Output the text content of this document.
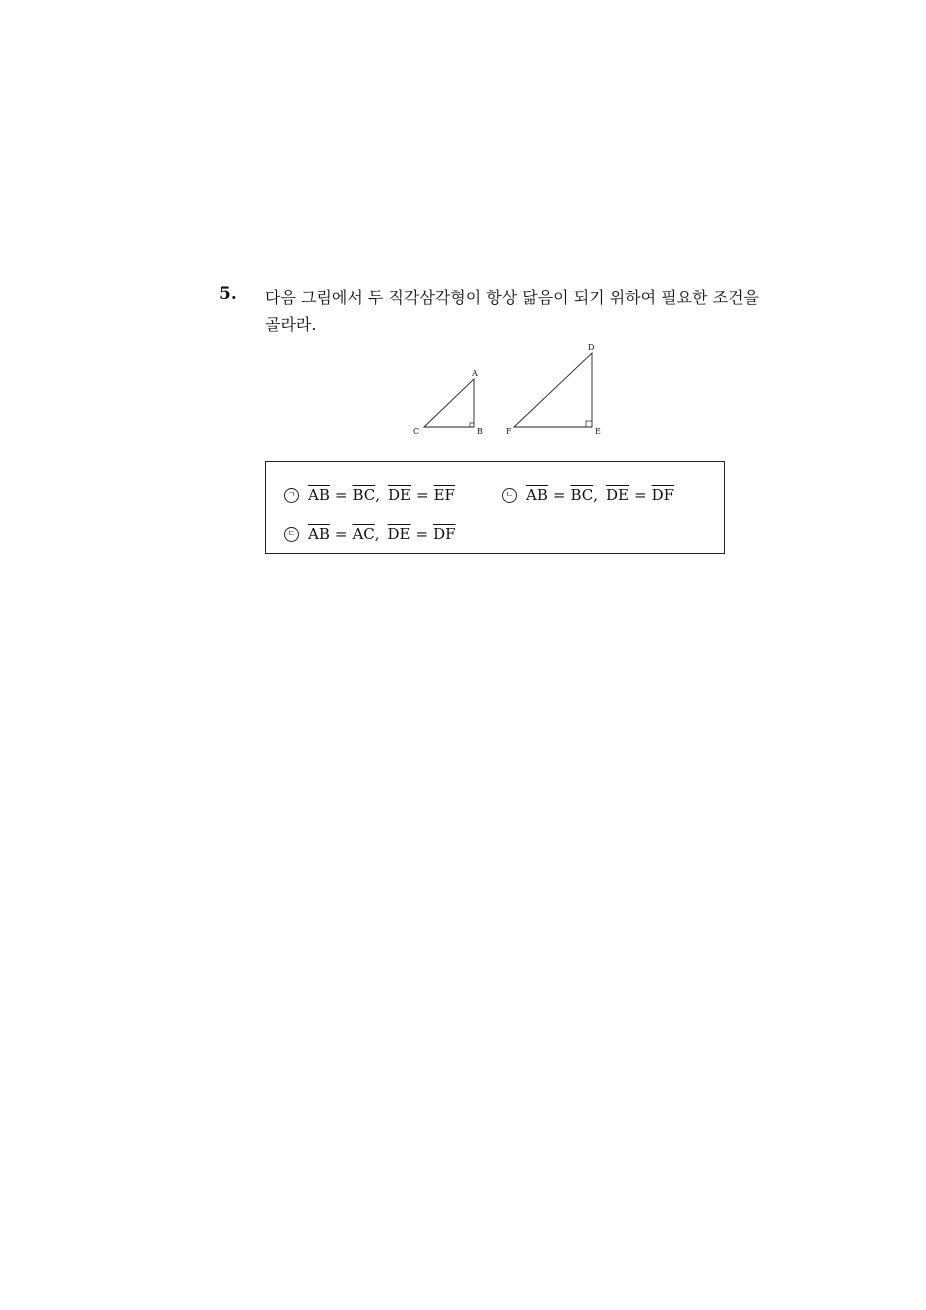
5. 다음 그림에서 두 직각삼각형이 항상 닮음이 되기 위하여 필요한 조건을
골라라.
A
B
C
D
E
F
ㄱ $\overline{AB} = \overline{BC}$ , $\overline{DE} = \overline{EF}$	ㄴ $\overline{AB} = \overline{BC}$ , $\overline{DE} = \overline{DF}$
ㄷ $\overline{AB} = \overline{AC}$ , $\overline{DE} = \overline{DF}$
